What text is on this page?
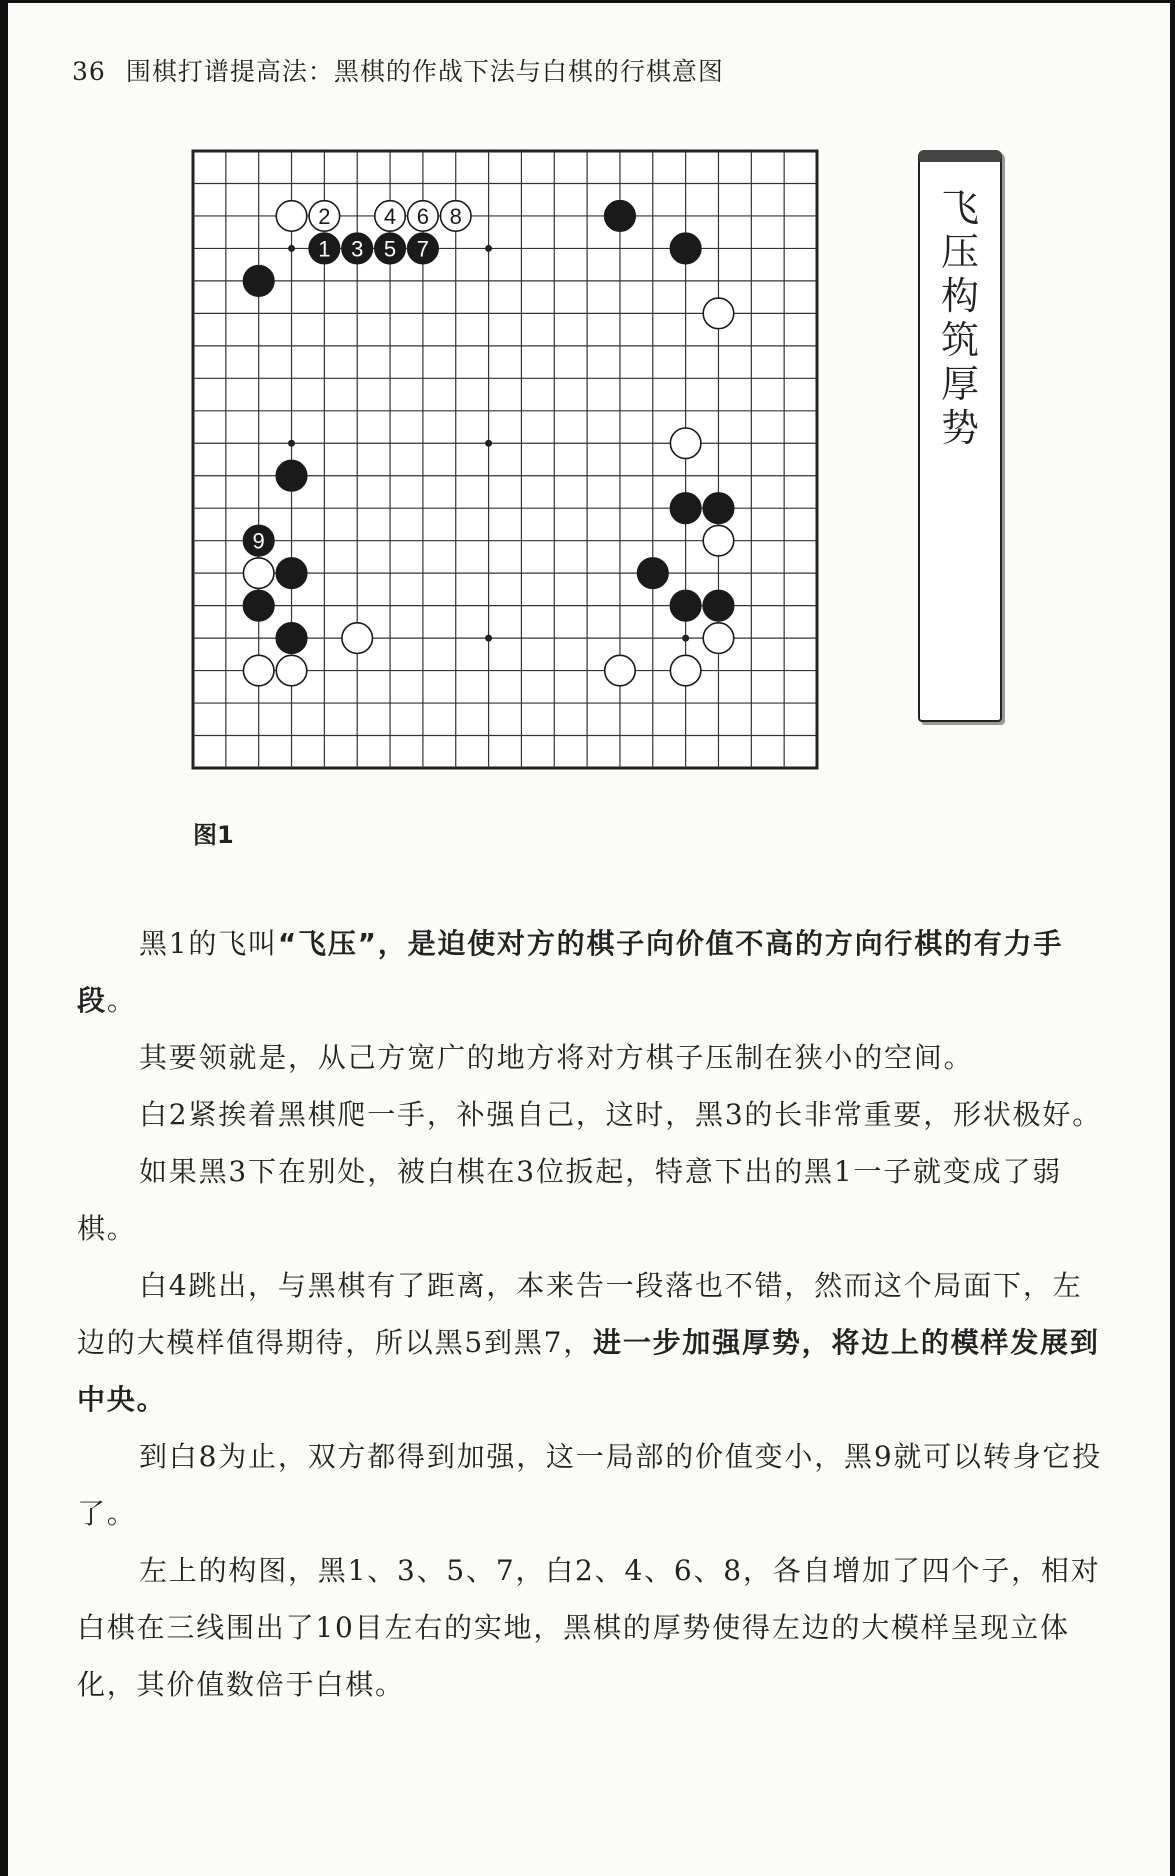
36 围棋打谱提高法：黑棋的作战下法与白棋的行棋意图
2 4 6 8
1 3 5 7
9
飞
压
构
筑
厚
势
图1

黑1的飞叫“飞压”，是迫使对方的棋子向价值不高的方向行棋的有力手段。

其要领就是，从己方宽广的地方将对方棋子压制在狭小的空间。

白2紧挨着黑棋爬一手，补强自己，这时，黑3的长非常重要，形状极好。

如果黑3下在别处，被白棋在3位扳起，特意下出的黑1一子就变成了弱棋。

白4跳出，与黑棋有了距离，本来告一段落也不错，然而这个局面下，左边的大模样值得期待，所以黑5到黑7，进一步加强厚势，将边上的模样发展到中央。

到白8为止，双方都得到加强，这一局部的价值变小，黑9就可以转身它投了。

左上的构图，黑1、3、5、7，白2、4、6、8，各自增加了四个子，相对白棋在三线围出了10目左右的实地，黑棋的厚势使得左边的大模样呈现立体化，其价值数倍于白棋。
